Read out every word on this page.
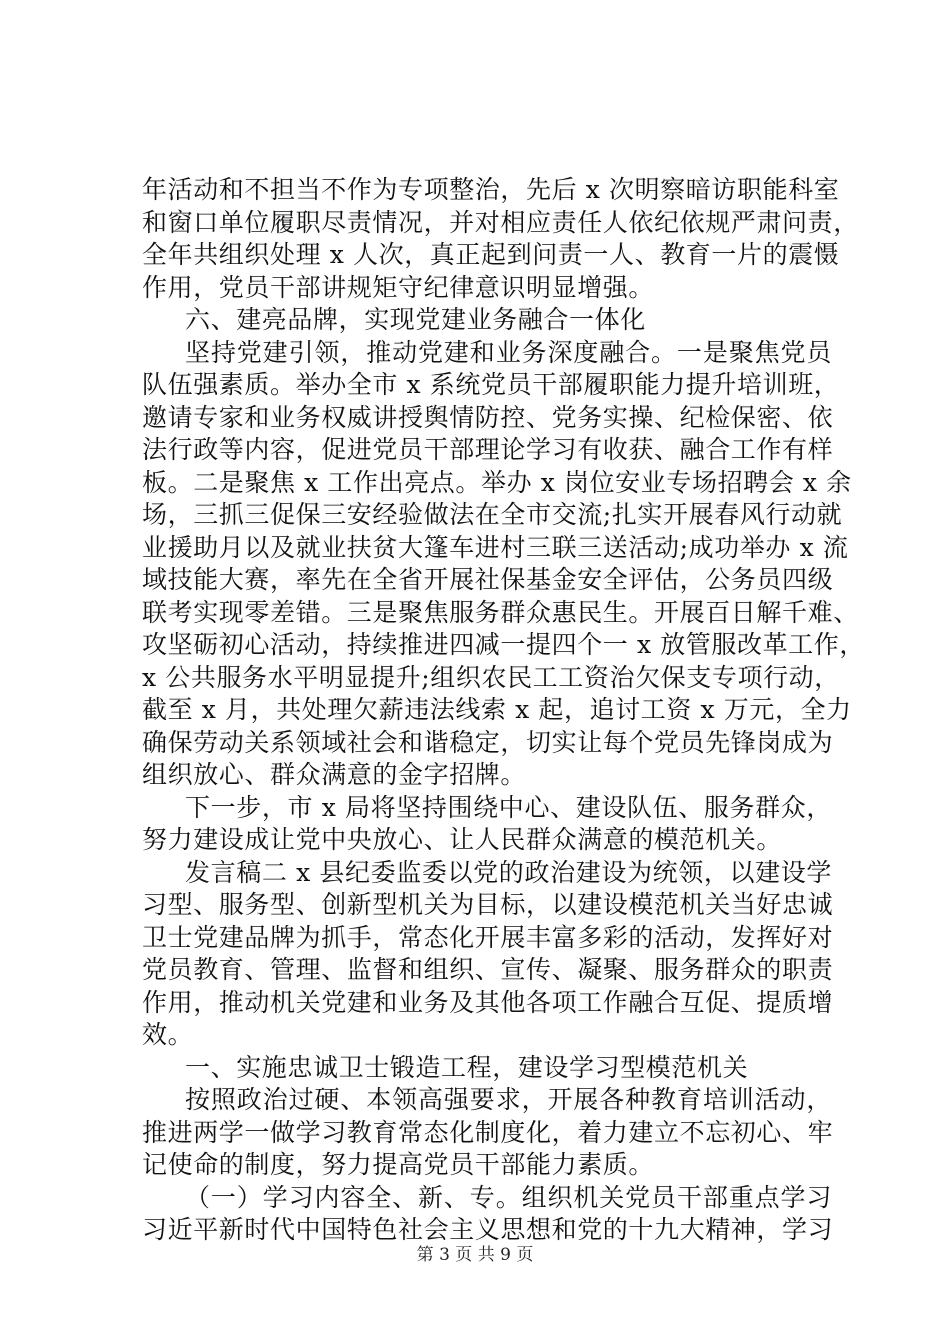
年活动和不担当不作为专项整治，先后 x 次明察暗访职能科室
和窗口单位履职尽责情况，并对相应责任人依纪依规严肃问责，
全年共组织处理 x 人次，真正起到问责一人、教育一片的震慑
作用，党员干部讲规矩守纪律意识明显增强。
六、建亮品牌，实现党建业务融合一体化
坚持党建引领，推动党建和业务深度融合。一是聚焦党员
队伍强素质。举办全市 x 系统党员干部履职能力提升培训班，
邀请专家和业务权威讲授舆情防控、党务实操、纪检保密、依
法行政等内容，促进党员干部理论学习有收获、融合工作有样
板。二是聚焦 x 工作出亮点。举办 x 岗位安业专场招聘会 x 余
场，三抓三促保三安经验做法在全市交流;扎实开展春风行动就
业援助月以及就业扶贫大篷车进村三联三送活动;成功举办 x 流
域技能大赛，率先在全省开展社保基金安全评估，公务员四级
联考实现零差错。三是聚焦服务群众惠民生。开展百日解千难、
攻坚砺初心活动，持续推进四减一提四个一 x 放管服改革工作，
x 公共服务水平明显提升;组织农民工工资治欠保支专项行动，
截至 x 月，共处理欠薪违法线索 x 起，追讨工资 x 万元，全力
确保劳动关系领域社会和谐稳定，切实让每个党员先锋岗成为
组织放心、群众满意的金字招牌。
下一步，市 x 局将坚持围绕中心、建设队伍、服务群众，
努力建设成让党中央放心、让人民群众满意的模范机关。
发言稿二 x 县纪委监委以党的政治建设为统领，以建设学
习型、服务型、创新型机关为目标，以建设模范机关当好忠诚
卫士党建品牌为抓手，常态化开展丰富多彩的活动，发挥好对
党员教育、管理、监督和组织、宣传、凝聚、服务群众的职责
作用，推动机关党建和业务及其他各项工作融合互促、提质增
效。
一、实施忠诚卫士锻造工程，建设学习型模范机关
按照政治过硬、本领高强要求，开展各种教育培训活动，
推进两学一做学习教育常态化制度化，着力建立不忘初心、牢
记使命的制度，努力提高党员干部能力素质。
（一）学习内容全、新、专。组织机关党员干部重点学习
习近平新时代中国特色社会主义思想和党的十九大精神，学习
第 3 页 共 9 页
